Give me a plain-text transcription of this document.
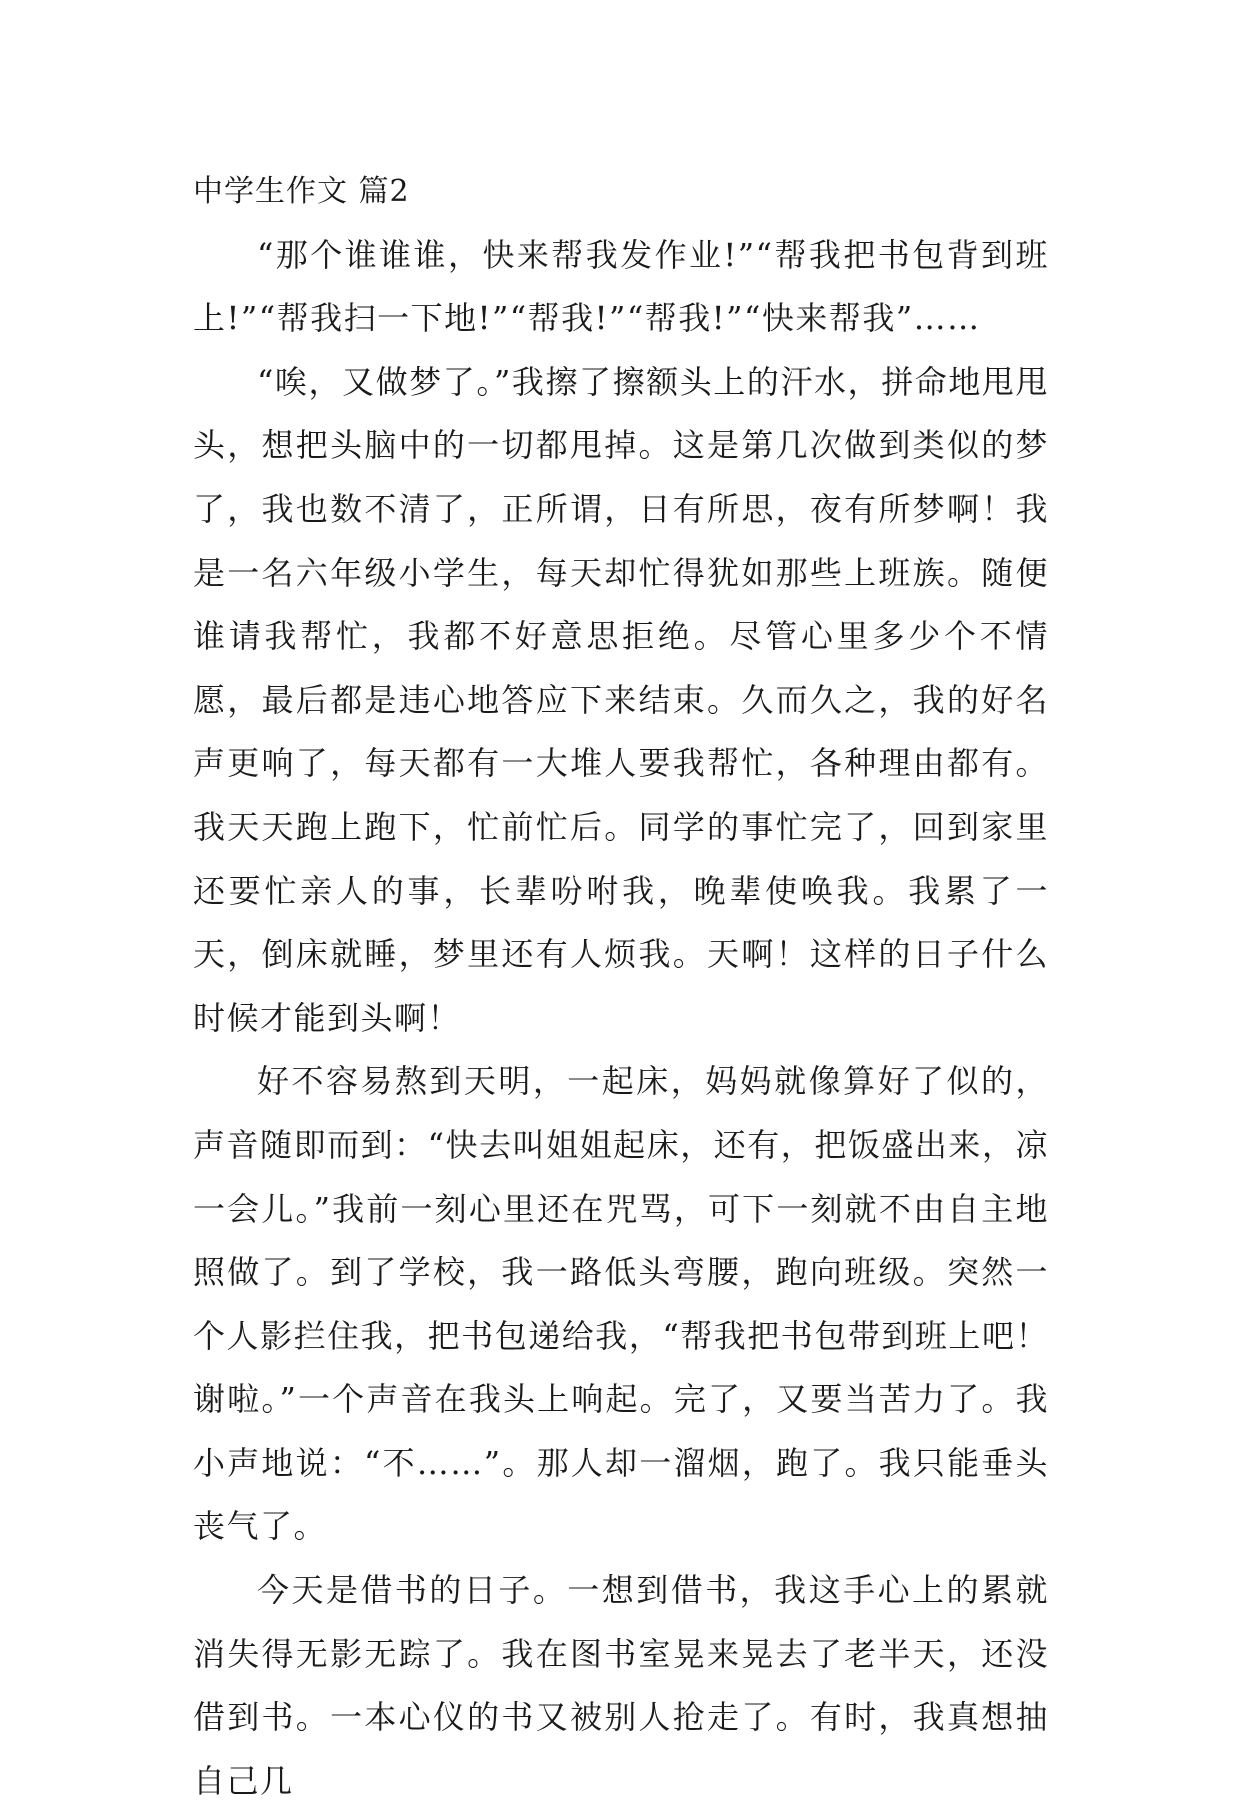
中学生作文 篇2

“那个谁谁谁，快来帮我发作业!”“帮我把书包背到班上!”“帮我扫一下地!”“帮我!”“帮我!”“快来帮我”……

“唉，又做梦了。”我擦了擦额头上的汗水，拼命地甩甩头，想把头脑中的一切都甩掉。这是第几次做到类似的梦了，我也数不清了，正所谓，日有所思，夜有所梦啊！我是一名六年级小学生，每天却忙得犹如那些上班族。随便谁请我帮忙，我都不好意思拒绝。尽管心里多少个不情愿，最后都是违心地答应下来结束。久而久之，我的好名声更响了，每天都有一大堆人要我帮忙，各种理由都有。我天天跑上跑下，忙前忙后。同学的事忙完了，回到家里还要忙亲人的事，长辈吩咐我，晚辈使唤我。我累了一天，倒床就睡，梦里还有人烦我。天啊！这样的日子什么时候才能到头啊！

好不容易熬到天明，一起床，妈妈就像算好了似的，声音随即而到：“快去叫姐姐起床，还有，把饭盛出来，凉一会儿。”我前一刻心里还在咒骂，可下一刻就不由自主地照做了。到了学校，我一路低头弯腰，跑向班级。突然一个人影拦住我，把书包递给我，“帮我把书包带到班上吧！谢啦。”一个声音在我头上响起。完了，又要当苦力了。我小声地说：“不……”。那人却一溜烟，跑了。我只能垂头丧气了。

今天是借书的日子。一想到借书，我这手心上的累就消失得无影无踪了。我在图书室晃来晃去了老半天，还没借到书。一本心仪的书又被别人抢走了。有时，我真想抽自己几
